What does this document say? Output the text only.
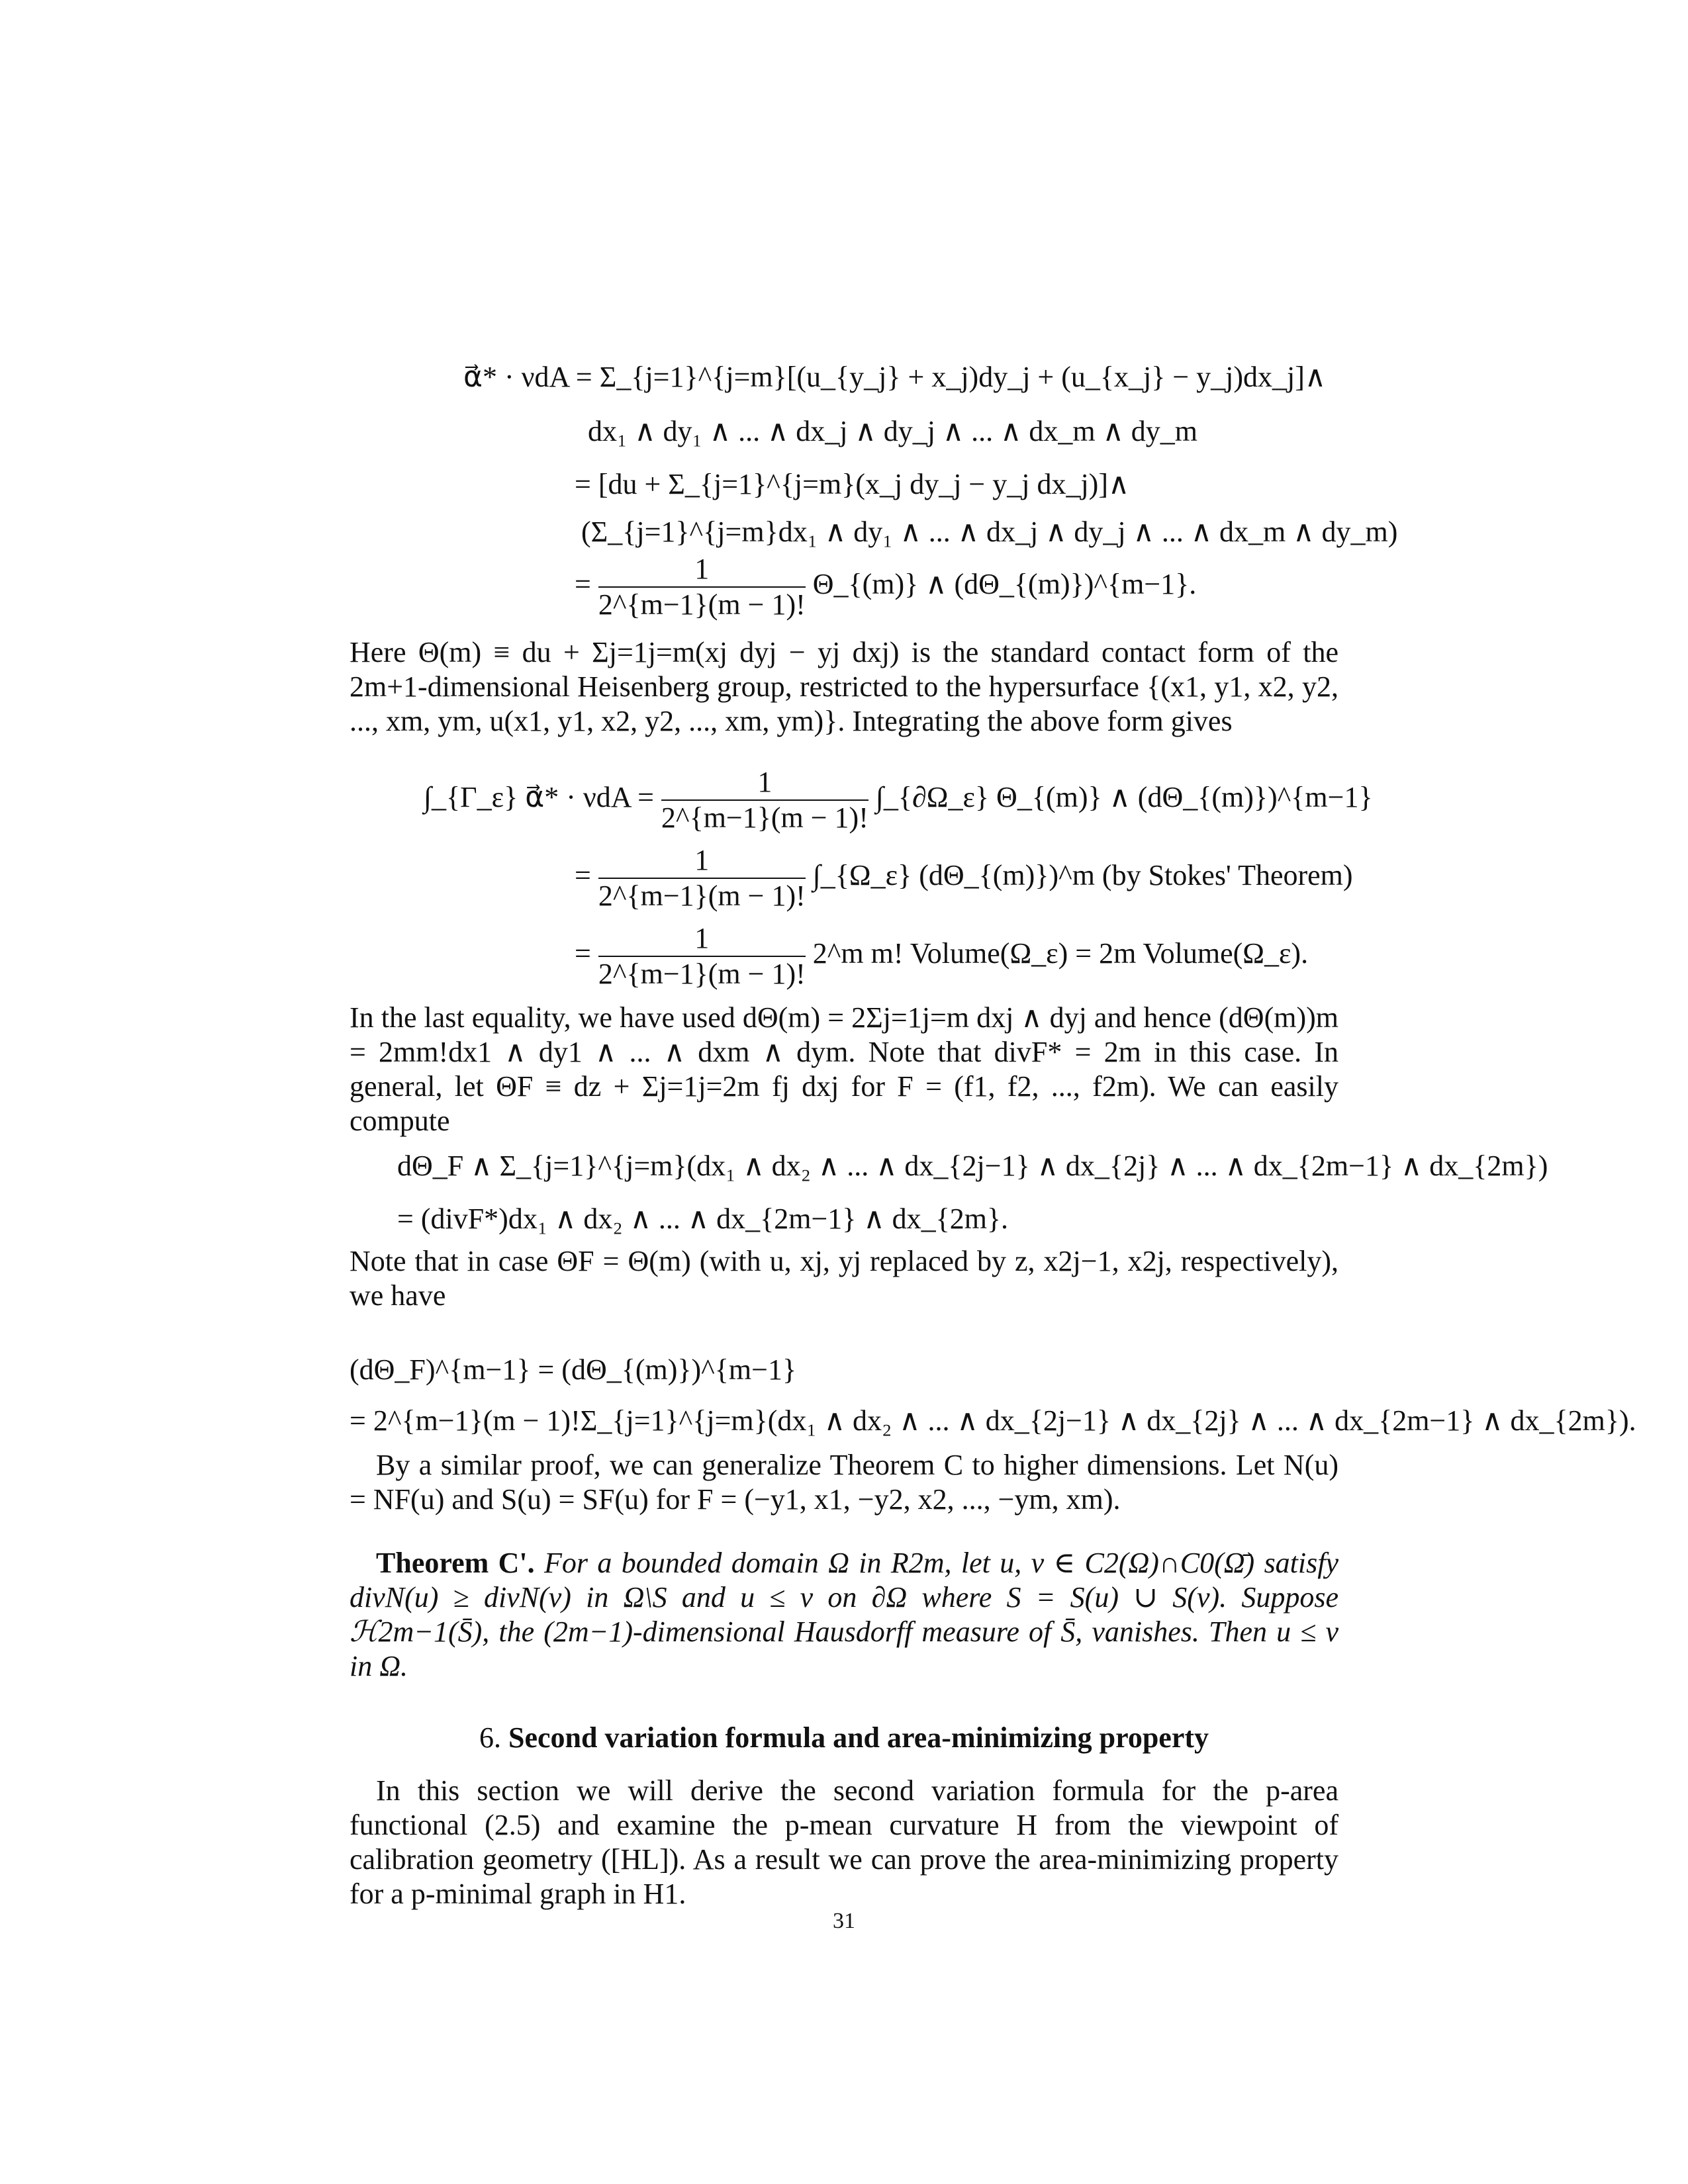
α⃗* · νdA = Σ_{j=1}^{j=m}[(u_{y_j} + x_j)dy_j + (u_{x_j} − y_j)dx_j]∧
dx₁ ∧ dy₁ ∧ ... ∧ dx_j ∧ dy_j ∧ ... ∧ dx_m ∧ dy_m
= [du + Σ_{j=1}^{j=m}(x_j dy_j − y_j dx_j)]∧
(Σ_{j=1}^{j=m}dx₁ ∧ dy₁ ∧ ... ∧ dx_j ∧ dy_j ∧ ... ∧ dx_m ∧ dy_m)
= $\frac{1}{2\^{}\{m-1\}(m - 1)!}$ Θ_{(m)} ∧ (dΘ_{(m)})^{m−1}.
Here Θ(m) ≡ du + Σj=1j=m(xj dyj − yj dxj) is the standard contact form of the 2m+1-dimensional Heisenberg group, restricted to the hypersurface {(x1, y1, x2, y2, ..., xm, ym, u(x1, y1, x2, y2, ..., xm, ym)}. Integrating the above form gives
∫_{Γ_ε} α⃗* · $\nu dA = \frac{1}{2\^{}\{m-1\}(m - 1)!}$ ∫_{∂Ω_ε} Θ_{(m)} ∧ (dΘ_{(m)})^{m−1}
= $\frac{1}{2\^{}\{m-1\}(m - 1)!}$ ∫_{Ω_ε} (dΘ_{(m)})^m (by Stokes' Theorem)
= $\frac{1}{2\^{}\{m-1\}(m - 1)!}$ 2^m m! Volume(Ω_ε) = 2m Volume(Ω_ε).
In the last equality, we have used dΘ(m) = 2Σj=1j=m dxj ∧ dyj and hence (dΘ(m))m = 2mm!dx1 ∧ dy1 ∧ ... ∧ dxm ∧ dym. Note that divF* = 2m in this case. In general, let ΘF ≡ dz + Σj=1j=2m fj dxj for F = (f1, f2, ..., f2m). We can easily compute
dΘ_F ∧ Σ_{j=1}^{j=m}(dx₁ ∧ dx₂ ∧ ... ∧ dx_{2j−1} ∧ dx_{2j} ∧ ... ∧ dx_{2m−1} ∧ dx_{2m})
= (divF*)dx₁ ∧ dx₂ ∧ ... ∧ dx_{2m−1} ∧ dx_{2m}.
Note that in case ΘF = Θ(m) (with u, xj, yj replaced by z, x2j−1, x2j, respectively), we have
(dΘ_F)^{m−1} = (dΘ_{(m)})^{m−1}
= 2^{m−1}(m − 1)!Σ_{j=1}^{j=m}(dx₁ ∧ dx₂ ∧ ... ∧ dx_{2j−1} ∧ dx_{2j} ∧ ... ∧ dx_{2m−1} ∧ dx_{2m}).
By a similar proof, we can generalize Theorem C to higher dimensions. Let N(u) = NF(u) and S(u) = SF(u) for F = (−y1, x1, −y2, x2, ..., −ym, xm).
Theorem C'. For a bounded domain Ω in R2m, let u, v ∈ C2(Ω)∩C0(Ω̄) satisfy divN(u) ≥ divN(v) in Ω\S and u ≤ v on ∂Ω where S = S(u) ∪ S(v). Suppose ℋ2m−1(S̄), the (2m−1)-dimensional Hausdorff measure of S̄, vanishes. Then u ≤ v in Ω.
6. Second variation formula and area-minimizing property
In this section we will derive the second variation formula for the p-area functional (2.5) and examine the p-mean curvature H from the viewpoint of calibration geometry ([HL]). As a result we can prove the area-minimizing property for a p-minimal graph in H1.
31
